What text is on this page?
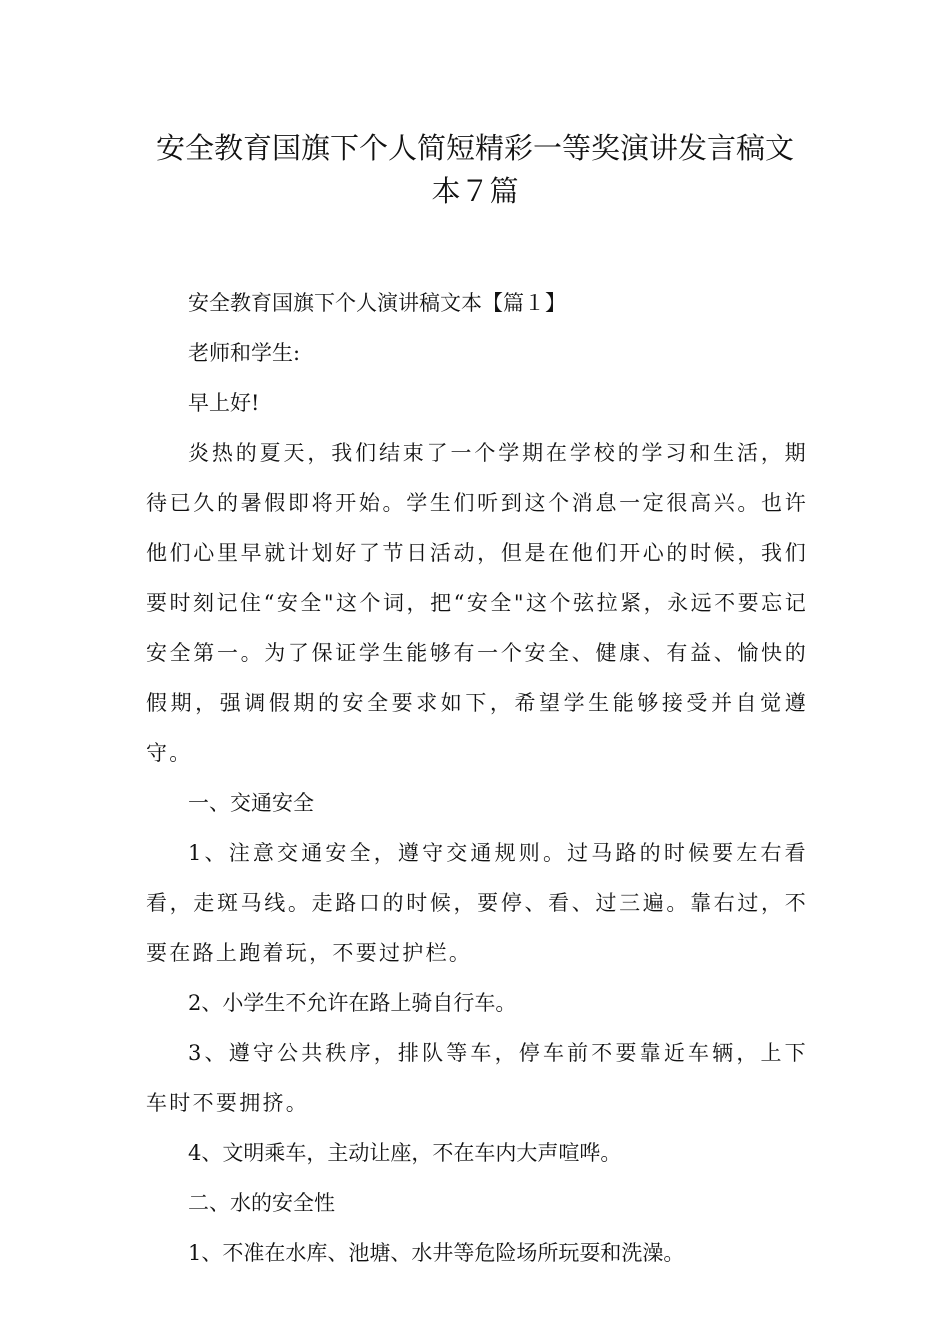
安全教育国旗下个人简短精彩一等奖演讲发言稿文本７篇

安全教育国旗下个人演讲稿文本【篇１】

老师和学生:

早上好!

炎热的夏天，我们结束了一个学期在学校的学习和生活，期待已久的暑假即将开始。学生们听到这个消息一定很高兴。也许他们心里早就计划好了节日活动，但是在他们开心的时候，我们要时刻记住“安全"这个词，把“安全"这个弦拉紧，永远不要忘记安全第一。为了保证学生能够有一个安全、健康、有益、愉快的假期，强调假期的安全要求如下，希望学生能够接受并自觉遵守。

一、交通安全

1、注意交通安全，遵守交通规则。过马路的时候要左右看看，走斑马线。走路口的时候，要停、看、过三遍。靠右过，不要在路上跑着玩，不要过护栏。

2、小学生不允许在路上骑自行车。

3、遵守公共秩序，排队等车，停车前不要靠近车辆，上下车时不要拥挤。

4、文明乘车，主动让座，不在车内大声喧哗。

二、水的安全性

1、不准在水库、池塘、水井等危险场所玩耍和洗澡。
